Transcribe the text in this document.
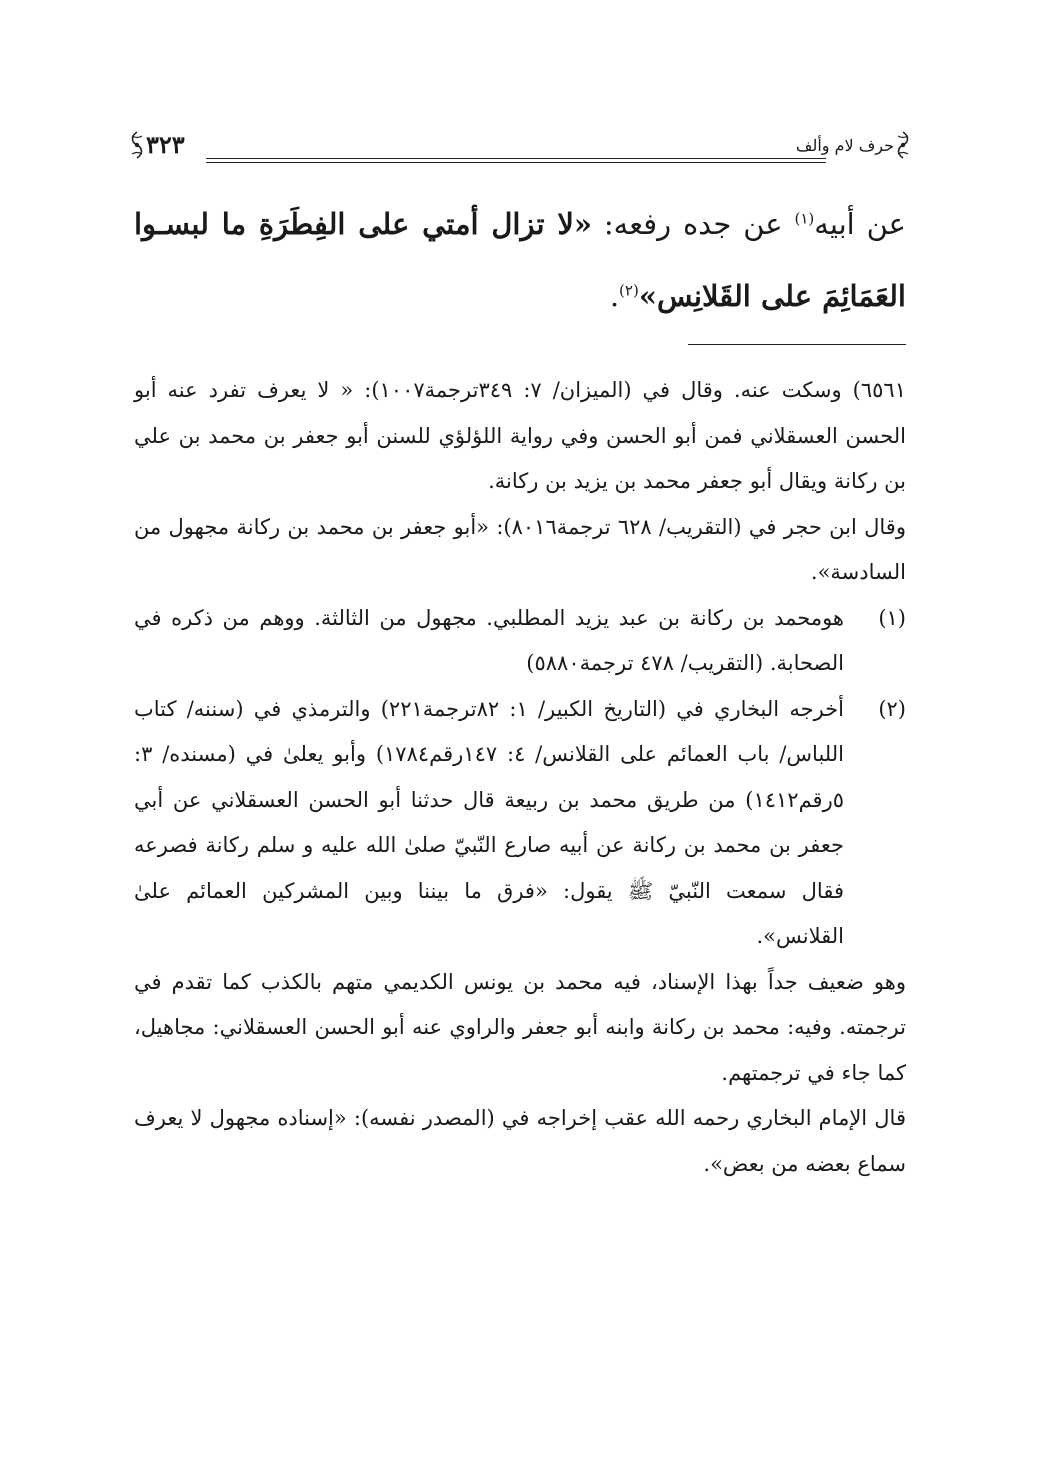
حرف لام وألف
٣٢٣
عن أبيه$^{(١)}$ عن جده رفعه: «لا تزال أمتي على الفِطَرَةِ ما لبسـوا العَمَائِمَ على القَلانِس»$^{(٢)}$.

٦٥٦١) وسكت عنه. وقال في (الميزان/ ٧: ٣٤٩ترجمة١٠٠٧): « لا يعرف تفرد عنه أبو الحسن العسقلاني فمن أبو الحسن وفي رواية اللؤلؤي للسنن أبو جعفر بن محمد بن علي بن ركانة ويقال أبو جعفر محمد بن يزيد بن ركانة.

وقال ابن حجر في (التقريب/ ٦٢٨ ترجمة٨٠١٦): «أبو جعفر بن محمد بن ركانة مجهول من السادسة».

(١)
هومحمد بن ركانة بن عبد يزيد المطلبي. مجهول من الثالثة. ووهم من ذكره في الصحابة. (التقريب/ ٤٧٨ ترجمة٥٨٨٠)

(٢)
أخرجه البخاري في (التاريخ الكبير/ ١: ٨٢ترجمة٢٢١) والترمذي في (سننه/ كتاب اللباس/ باب العمائم على القلانس/ ٤: ١٤٧رقم١٧٨٤) وأبو يعلىٰ في (مسنده/ ٣: ٥رقم١٤١٢) من طريق محمد بن ربيعة قال حدثنا أبو الحسن العسقلاني عن أبي جعفر بن محمد بن ركانة عن أبيه صارع النّبيّ صلىٰ الله عليه و سلم ركانة فصرعه فقال سمعت النّبيّ ﷺ يقول: «فرق ما بيننا وبين المشركين العمائم علىٰ القلانس».

وهو ضعيف جداً بهذا الإسناد، فيه محمد بن يونس الكديمي متهم بالكذب كما تقدم في ترجمته. وفيه: محمد بن ركانة وابنه أبو جعفر والراوي عنه أبو الحسن العسقلاني: مجاهيل، كما جاء في ترجمتهم.

قال الإمام البخاري رحمه الله عقب إخراجه في (المصدر نفسه): «إسناده مجهول لا يعرف سماع بعضه من بعض».
